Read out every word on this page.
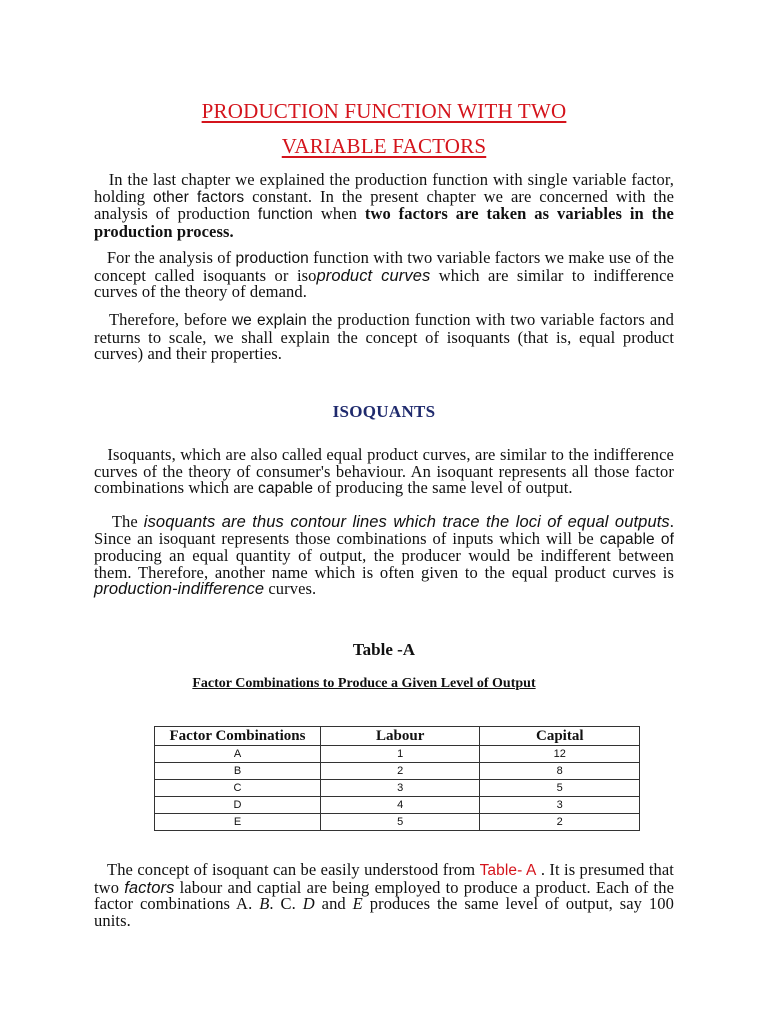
PRODUCTION FUNCTION WITH TWO
VARIABLE FACTORS

In the last chapter we explained the production function with single variable factor, holding other factors constant. In the present chapter we are concerned with the analysis of production function when two factors are taken as variables in the production process.

For the analysis of production function with two variable factors we make use of the concept called isoquants or isoproduct curves which are similar to indifference curves of the theory of demand.

Therefore, before we explain the production function with two variable factors and returns to scale, we shall explain the concept of isoquants (that is, equal product curves) and their properties.

ISOQUANTS

Isoquants, which are also called equal product curves, are similar to the indifference curves of the theory of consumer's behaviour. An isoquant represents all those factor combinations which are capable of producing the same level of output.

The isoquants are thus contour lines which trace the loci of equal outputs. Since an isoquant represents those combinations of inputs which will be capable of producing an equal quantity of output, the producer would be indifferent between them. Therefore, another name which is often given to the equal product curves is production-indifference curves.

Table -A
Factor Combinations to Produce a Given Level of Output
Factor Combinations	Labour	Capital
A	1	12
B	2	8
C	3	5
D	4	3
E	5	2

The concept of isoquant can be easily understood from Table- A . It is presumed that two factors labour and captial are being employed to produce a product. Each of the factor combinations A. B. C. D and E produces the same level of output, say 100 units.
